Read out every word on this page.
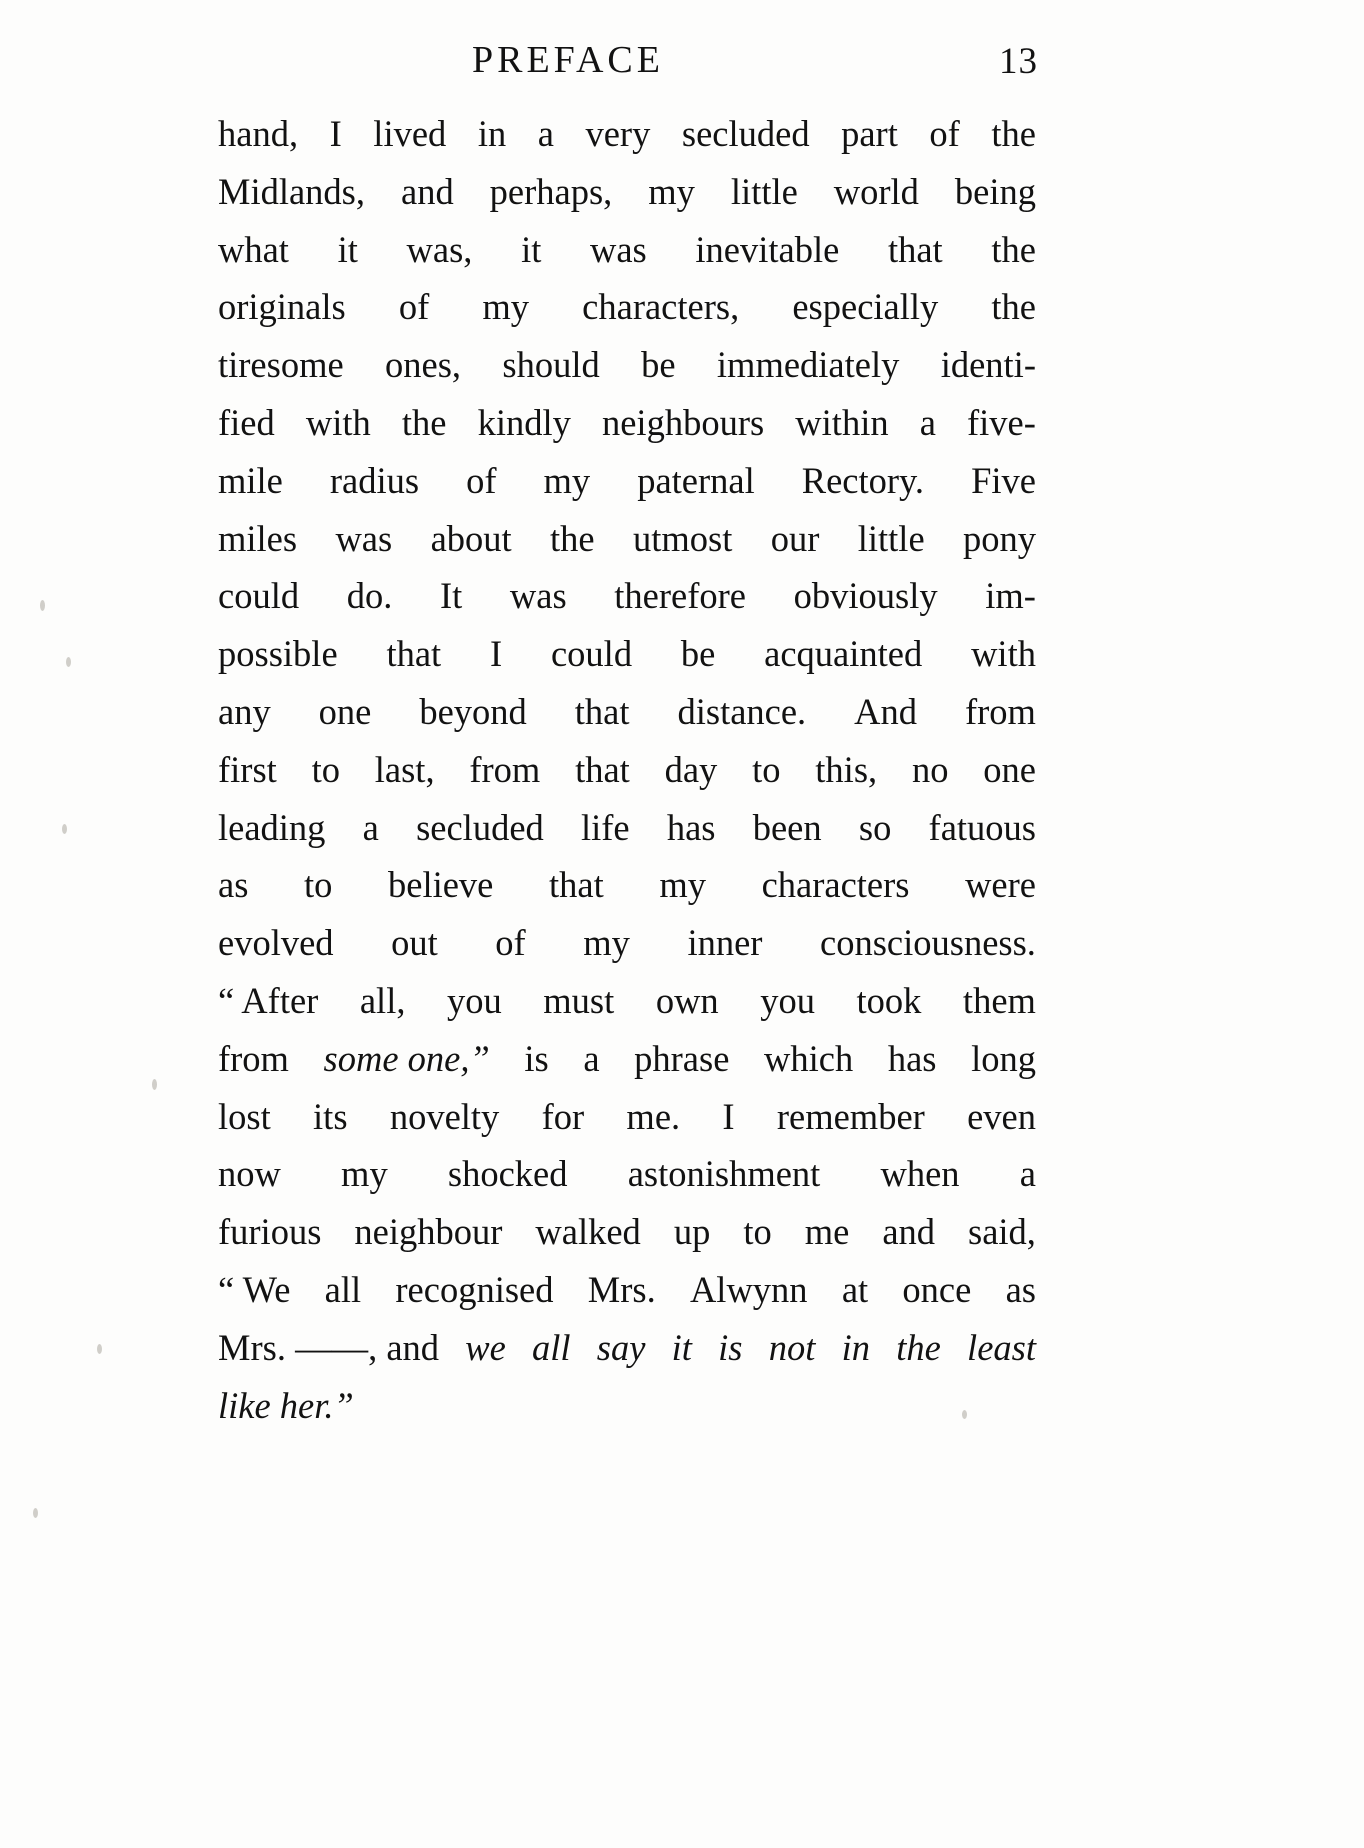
PREFACE	13
hand, I lived in a very secluded part of the
Midlands, and perhaps, my little world being
what it was, it was inevitable that the
originals of my characters, especially the
tiresome ones, should be immediately identi-
fied with the kindly neighbours within a five-
mile radius of my paternal Rectory. Five
miles was about the utmost our little pony
could do. It was therefore obviously im-
possible that I could be acquainted with
any one beyond that distance. And from
first to last, from that day to this, no one
leading a secluded life has been so fatuous
as to believe that my characters were
evolved out of my inner consciousness.
“ After all, you must own you took them
from some one,” is a phrase which has long
lost its novelty for me. I remember even
now my shocked astonishment when a
furious neighbour walked up to me and said,
“ We all recognised Mrs. Alwynn at once as
Mrs. ——, and we all say it is not in the least
like her.”
